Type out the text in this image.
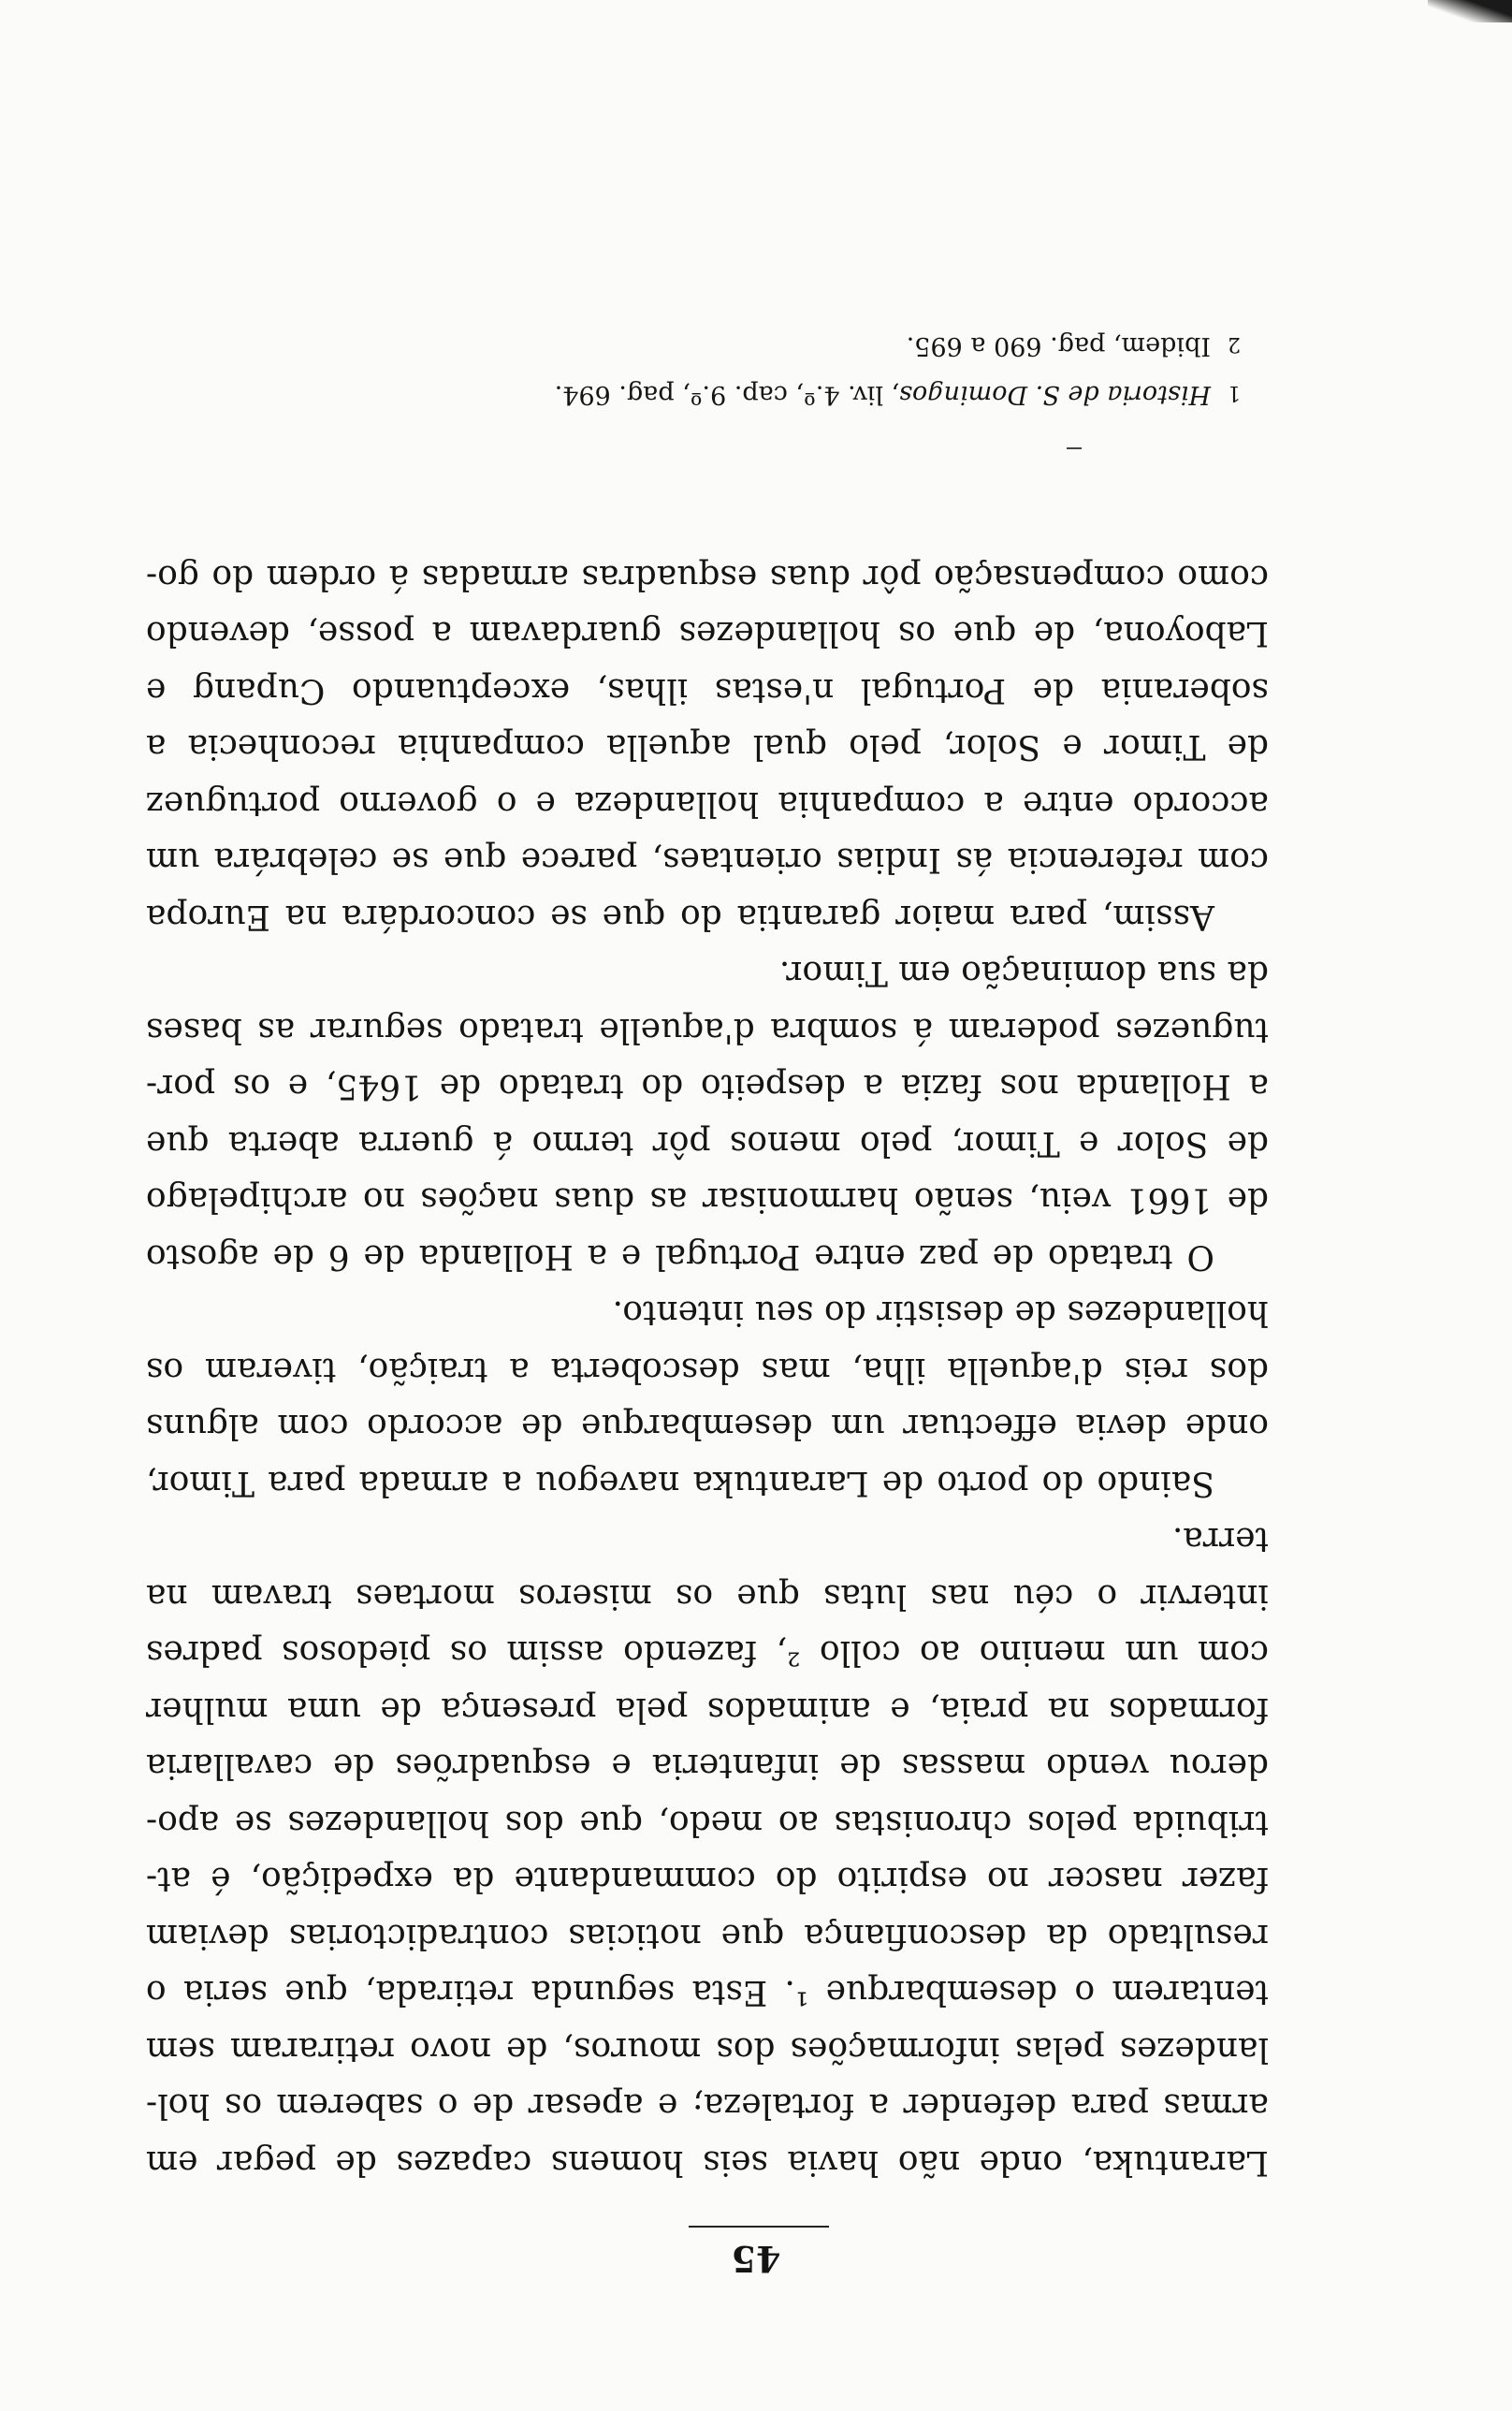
45
Larantuka, onde não havia seis homens capazes de pegar em
armas para defender a fortaleza; e apesar de o saberem os hol-
landezes pelas informações dos mouros, de novo retiraram sem
tentarem o desembarque ¹. Esta segunda retirada, que seria o
resultado da desconfiança que noticias contradictorias deviam
fazer nascer no espirito do commandante da expedição, é at-
tribuida pelos chronistas ao medo, que dos hollandezes se apo-
derou vendo massas de infanteria e esquadrões de cavallaria
formados na praia, e animados pela presença de uma mulher
com um menino ao collo ², fazendo assim os piedosos padres
intervir o céu nas lutas que os miseros mortaes travam na
terra.
Saindo do porto de Larantuka navegou a armada para Timor,
onde devia effectuar um desembarque de accordo com alguns
dos reis d'aquella ilha, mas descoberta a traição, tiveram os
hollandezes de desistir do seu intento.
O tratado de paz entre Portugal e a Hollanda de 6 de agosto
de 1661 veiu, senão harmonisar as duas nações no archipelago
de Solor e Timor, pelo menos pôr termo á guerra aberta que
a Hollanda nos fazia a despeito do tratado de 1645, e os por-
tuguezes poderam á sombra d'aquelle tratado segurar as bases
da sua dominação em Timor.
Assim, para maior garantia do que se concordára na Europa
com referencia ás Indias orientaes, parece que se celebrára um
accordo entre a companhia hollandeza e o governo portuguez
de Timor e Solor, pelo qual aquella companhia reconhecia a
soberania de Portugal n'estas ilhas, exceptuando Cupang e
Laboyona, de que os hollandezes guardavam a posse, devendo
como compensação pôr duas esquadras armadas á ordem do go-
1Historia de S. Domingos, liv. 4.º, cap. 9.º, pag. 694.
2Ibidem, pag. 690 a 695.
